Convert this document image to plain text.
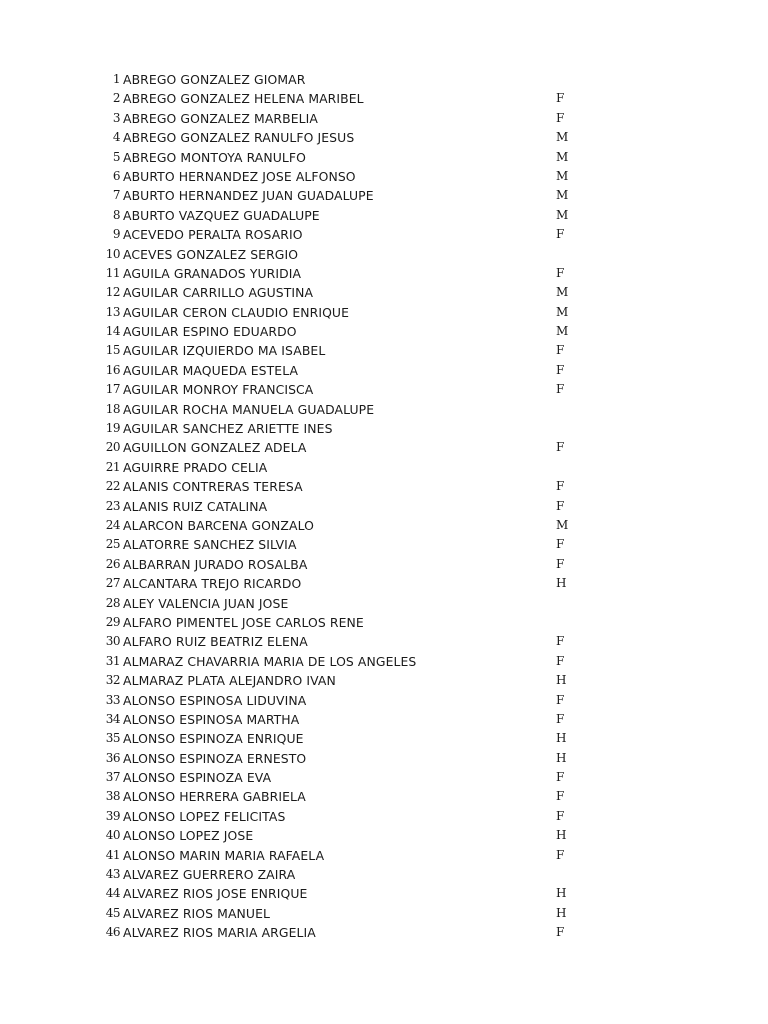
1 ABREGO GONZALEZ GIOMAR
2 ABREGO GONZALEZ HELENA MARIBEL	F
3 ABREGO GONZALEZ MARBELIA	F
4 ABREGO GONZALEZ RANULFO JESUS	M
5 ABREGO MONTOYA RANULFO	M
6 ABURTO HERNANDEZ JOSE ALFONSO	M
7 ABURTO HERNANDEZ JUAN GUADALUPE	M
8 ABURTO VAZQUEZ GUADALUPE	M
9 ACEVEDO PERALTA ROSARIO	F
10 ACEVES GONZALEZ SERGIO
11 AGUILA GRANADOS YURIDIA	F
12 AGUILAR CARRILLO AGUSTINA	M
13 AGUILAR CERON CLAUDIO ENRIQUE	M
14 AGUILAR ESPINO EDUARDO	M
15 AGUILAR IZQUIERDO MA ISABEL	F
16 AGUILAR MAQUEDA ESTELA	F
17 AGUILAR MONROY FRANCISCA	F
18 AGUILAR ROCHA MANUELA GUADALUPE
19 AGUILAR SANCHEZ ARIETTE INES
20 AGUILLON GONZALEZ ADELA	F
21 AGUIRRE PRADO CELIA
22 ALANIS CONTRERAS TERESA	F
23 ALANIS RUIZ CATALINA	F
24 ALARCON BARCENA GONZALO	M
25 ALATORRE SANCHEZ SILVIA	F
26 ALBARRAN JURADO ROSALBA	F
27 ALCANTARA TREJO RICARDO	H
28 ALEY VALENCIA JUAN JOSE
29 ALFARO PIMENTEL JOSE CARLOS RENE
30 ALFARO RUIZ BEATRIZ ELENA	F
31 ALMARAZ CHAVARRIA MARIA DE LOS ANGELES	F
32 ALMARAZ PLATA ALEJANDRO IVAN	H
33 ALONSO ESPINOSA LIDUVINA	F
34 ALONSO ESPINOSA MARTHA	F
35 ALONSO ESPINOZA ENRIQUE	H
36 ALONSO ESPINOZA ERNESTO	H
37 ALONSO ESPINOZA EVA	F
38 ALONSO HERRERA GABRIELA	F
39 ALONSO LOPEZ FELICITAS	F
40 ALONSO LOPEZ JOSE	H
41 ALONSO MARIN MARIA RAFAELA	F
43 ALVAREZ GUERRERO ZAIRA
44 ALVAREZ RIOS JOSE ENRIQUE	H
45 ALVAREZ RIOS MANUEL	H
46 ALVAREZ RIOS MARIA ARGELIA	F
